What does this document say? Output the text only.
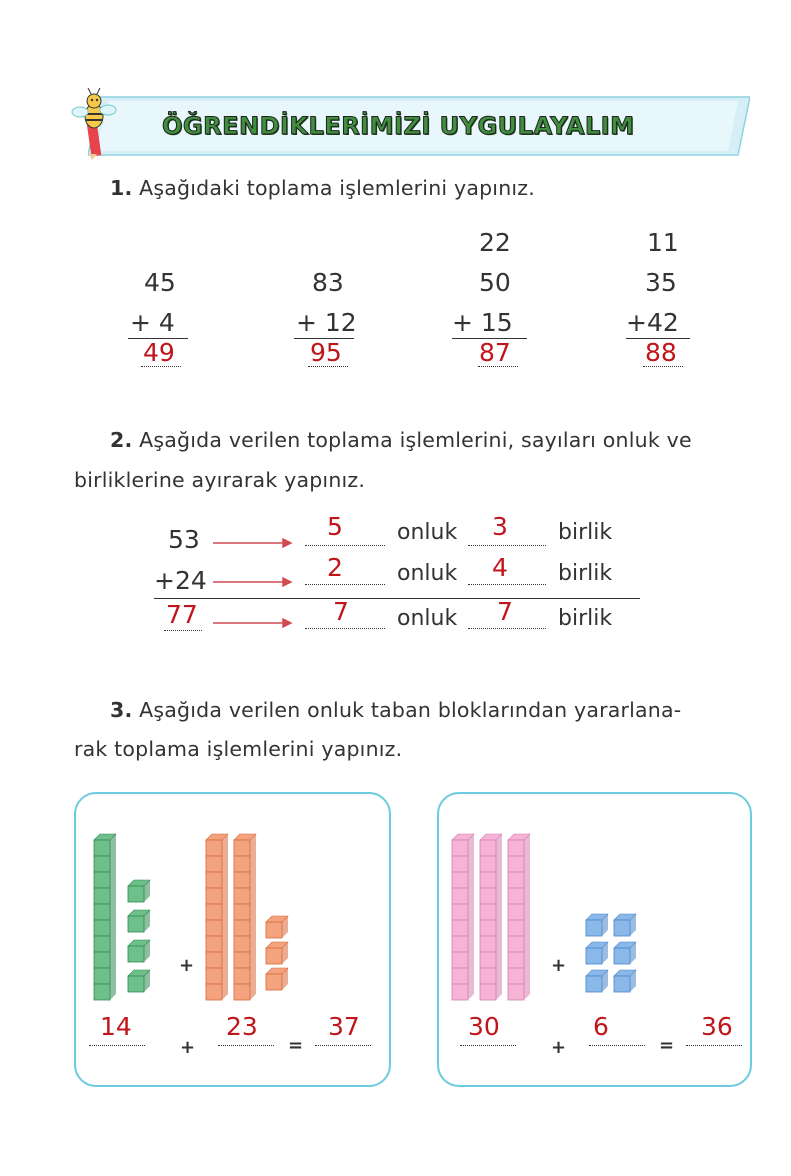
ÖĞRENDİKLERİMİZİ UYGULAYALIM
1. Aşağıdaki toplama işlemlerini yapınız.
45
+ 4
49
83
+ 12
95
22
50
+ 15
87
11
35
+42
88
2. Aşağıda verilen toplama işlemlerini, sayıları onluk ve
birliklerine ayırarak yapınız.
53
+24
77
5 onluk 3 birlik
2 onluk 4 birlik
7 onluk 7 birlik
3. Aşağıda verilen onluk taban bloklarından yararlana-
rak toplama işlemlerini yapınız.
+
14
+
23
=
37
+
30
+
6
=
36
